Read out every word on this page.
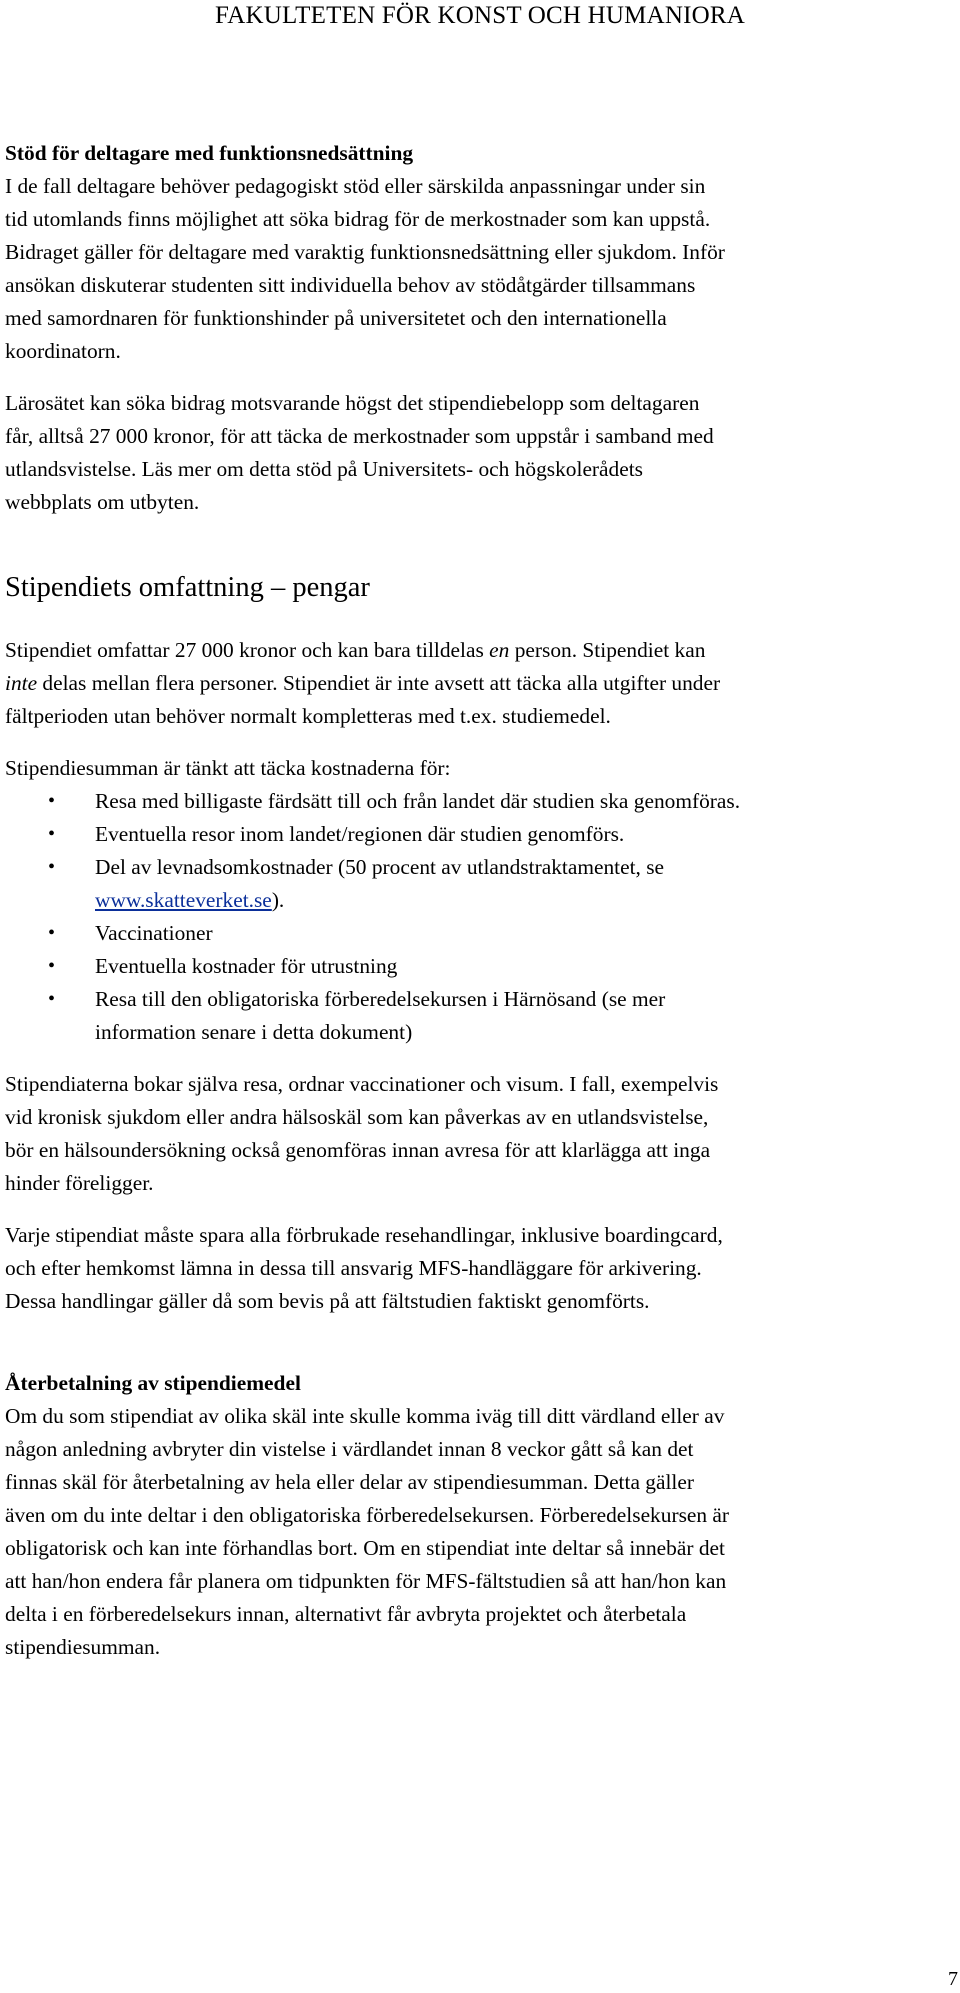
FAKULTETEN FÖR KONST OCH HUMANIORA

Stöd för deltagare med funktionsnedsättning

I de fall deltagare behöver pedagogiskt stöd eller särskilda anpassningar under sin

tid utomlands finns möjlighet att söka bidrag för de merkostnader som kan uppstå.

Bidraget gäller för deltagare med varaktig funktionsnedsättning eller sjukdom. Inför

ansökan diskuterar studenten sitt individuella behov av stödåtgärder tillsammans

med samordnaren för funktionshinder på universitetet och den internationella

koordinatorn.

Lärosätet kan söka bidrag motsvarande högst det stipendiebelopp som deltagaren

får, alltså 27 000 kronor, för att täcka de merkostnader som uppstår i samband med

utlandsvistelse. Läs mer om detta stöd på Universitets- och högskolerådets

webbplats om utbyten.

Stipendiets omfattning – pengar

Stipendiet omfattar 27 000 kronor och kan bara tilldelas en person. Stipendiet kan

inte delas mellan flera personer. Stipendiet är inte avsett att täcka alla utgifter under

fältperioden utan behöver normalt kompletteras med t.ex. studiemedel.

Stipendiesumman är tänkt att täcka kostnaderna för:

• Resa med billigaste färdsätt till och från landet där studien ska genomföras.
• Eventuella resor inom landet/regionen där studien genomförs.
• Del av levnadsomkostnader (50 procent av utlandstraktamentet, se
www.skatteverket.se).
• Vaccinationer
• Eventuella kostnader för utrustning
• Resa till den obligatoriska förberedelsekursen i Härnösand (se mer
information senare i detta dokument)

Stipendiaterna bokar själva resa, ordnar vaccinationer och visum. I fall, exempelvis

vid kronisk sjukdom eller andra hälsoskäl som kan påverkas av en utlandsvistelse,

bör en hälsoundersökning också genomföras innan avresa för att klarlägga att inga

hinder föreligger.

Varje stipendiat måste spara alla förbrukade resehandlingar, inklusive boardingcard,

och efter hemkomst lämna in dessa till ansvarig MFS-handläggare för arkivering.

Dessa handlingar gäller då som bevis på att fältstudien faktiskt genomförts.

Återbetalning av stipendiemedel

Om du som stipendiat av olika skäl inte skulle komma iväg till ditt värdland eller av

någon anledning avbryter din vistelse i värdlandet innan 8 veckor gått så kan det

finnas skäl för återbetalning av hela eller delar av stipendiesumman. Detta gäller

även om du inte deltar i den obligatoriska förberedelsekursen. Förberedelsekursen är

obligatorisk och kan inte förhandlas bort. Om en stipendiat inte deltar så innebär det

att han/hon endera får planera om tidpunkten för MFS-fältstudien så att han/hon kan

delta i en förberedelsekurs innan, alternativt får avbryta projektet och återbetala

stipendiesumman.

7
